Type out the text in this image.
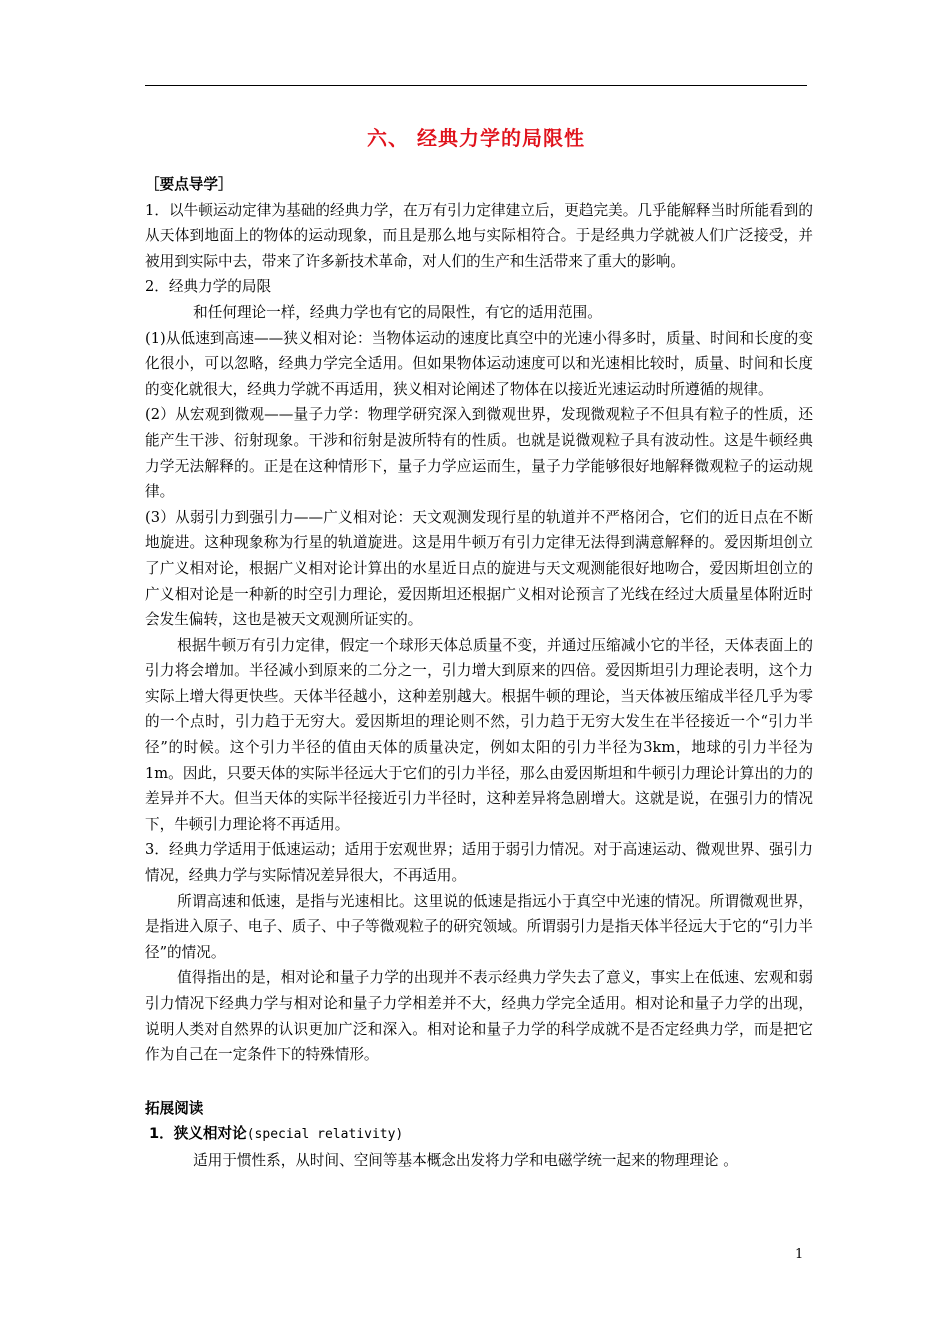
六、 经典力学的局限性

［要点导学］

1．以牛顿运动定律为基础的经典力学，在万有引力定律建立后，更趋完美。几乎能解释当时所能看到的从天体到地面上的物体的运动现象，而且是那么地与实际相符合。于是经典力学就被人们广泛接受，并被用到实际中去，带来了许多新技术革命，对人们的生产和生活带来了重大的影响。

2．经典力学的局限

和任何理论一样，经典力学也有它的局限性，有它的适用范围。

(1)从低速到高速——狭义相对论：当物体运动的速度比真空中的光速小得多时，质量、时间和长度的变化很小，可以忽略，经典力学完全适用。但如果物体运动速度可以和光速相比较时，质量、时间和长度的变化就很大，经典力学就不再适用，狭义相对论阐述了物体在以接近光速运动时所遵循的规律。

(2）从宏观到微观——量子力学：物理学研究深入到微观世界，发现微观粒子不但具有粒子的性质，还能产生干涉、衍射现象。干涉和衍射是波所特有的性质。也就是说微观粒子具有波动性。这是牛顿经典力学无法解释的。正是在这种情形下，量子力学应运而生，量子力学能够很好地解释微观粒子的运动规律。

(3）从弱引力到强引力——广义相对论：天文观测发现行星的轨道并不严格闭合，它们的近日点在不断地旋进。这种现象称为行星的轨道旋进。这是用牛顿万有引力定律无法得到满意解释的。爱因斯坦创立了广义相对论，根据广义相对论计算出的水星近日点的旋进与天文观测能很好地吻合，爱因斯坦创立的广义相对论是一种新的时空引力理论，爱因斯坦还根据广义相对论预言了光线在经过大质量星体附近时会发生偏转，这也是被天文观测所证实的。

根据牛顿万有引力定律，假定一个球形天体总质量不变，并通过压缩减小它的半径，天体表面上的引力将会增加。半径减小到原来的二分之一，引力增大到原来的四倍。爱因斯坦引力理论表明，这个力实际上增大得更快些。天体半径越小，这种差别越大。根据牛顿的理论，当天体被压缩成半径几乎为零的一个点时，引力趋于无穷大。爱因斯坦的理论则不然，引力趋于无穷大发生在半径接近一个“引力半径”的时候。这个引力半径的值由天体的质量决定，例如太阳的引力半径为3km，地球的引力半径为1m。因此，只要天体的实际半径远大于它们的引力半径，那么由爱因斯坦和牛顿引力理论计算出的力的差异并不大。但当天体的实际半径接近引力半径时，这种差异将急剧增大。这就是说，在强引力的情况下，牛顿引力理论将不再适用。

3．经典力学适用于低速运动；适用于宏观世界；适用于弱引力情况。对于高速运动、微观世界、强引力情况，经典力学与实际情况差异很大，不再适用。

所谓高速和低速，是指与光速相比。这里说的低速是指远小于真空中光速的情况。所谓微观世界，是指进入原子、电子、质子、中子等微观粒子的研究领域。所谓弱引力是指天体半径远大于它的“引力半径”的情况。

值得指出的是，相对论和量子力学的出现并不表示经典力学失去了意义，事实上在低速、宏观和弱引力情况下经典力学与相对论和量子力学相差并不大，经典力学完全适用。相对论和量子力学的出现，说明人类对自然界的认识更加广泛和深入。相对论和量子力学的科学成就不是否定经典力学，而是把它作为自己在一定条件下的特殊情形。

拓展阅读

1．狭义相对论(special relativity)

适用于惯性系，从时间、空间等基本概念出发将力学和电磁学统一起来的物理理论 。

1
